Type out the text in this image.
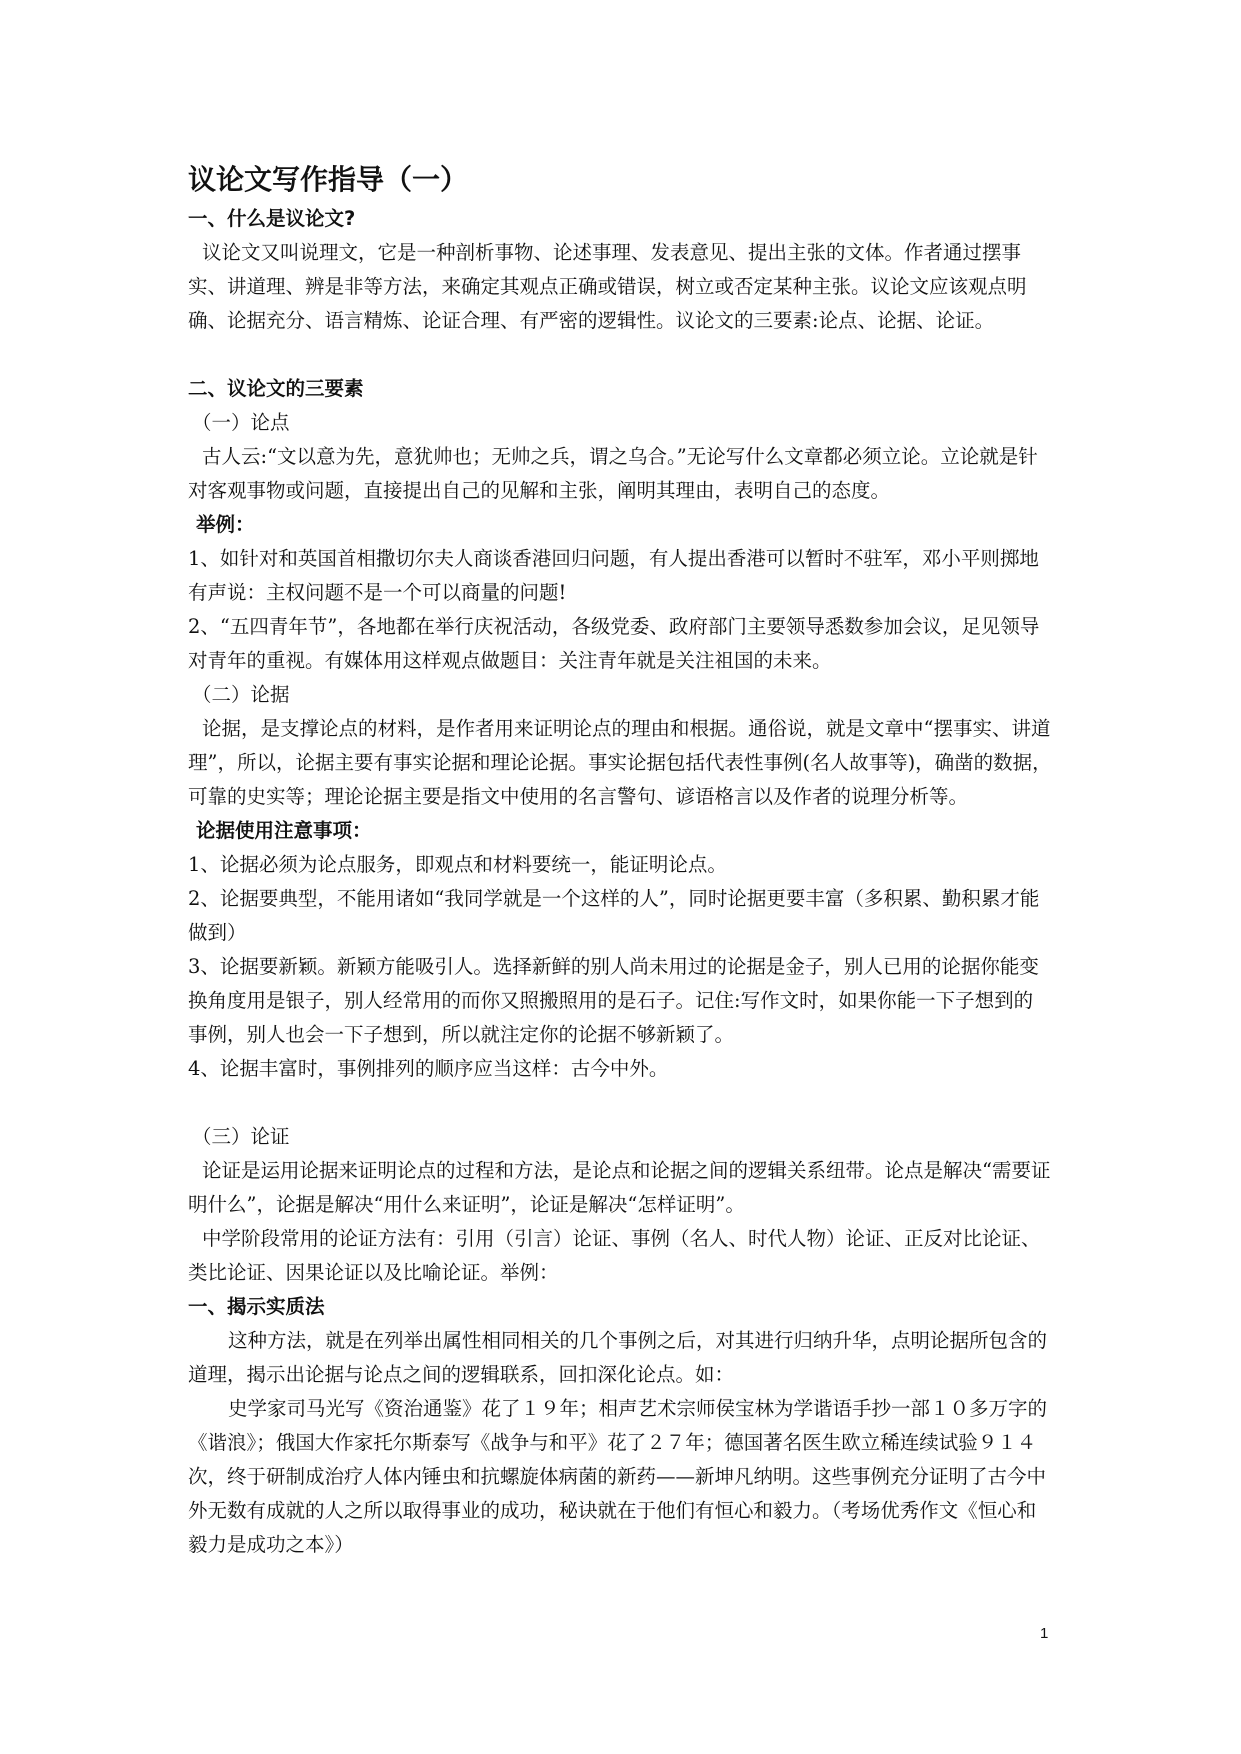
议论文写作指导（一）

一、什么是议论文?

议论文又叫说理文，它是一种剖析事物、论述事理、发表意见、提出主张的文体。作者通过摆事实、讲道理、辨是非等方法，来确定其观点正确或错误，树立或否定某种主张。议论文应该观点明确、论据充分、语言精炼、论证合理、有严密的逻辑性。议论文的三要素:论点、论据、论证。

二、议论文的三要素

（一）论点

古人云:“文以意为先，意犹帅也；无帅之兵，谓之乌合。”无论写什么文章都必须立论。立论就是针对客观事物或问题，直接提出自己的见解和主张，阐明其理由，表明自己的态度。

举例：

1、如针对和英国首相撒切尔夫人商谈香港回归问题，有人提出香港可以暂时不驻军，邓小平则掷地有声说：主权问题不是一个可以商量的问题!
2、“五四青年节”，各地都在举行庆祝活动，各级党委、政府部门主要领导悉数参加会议，足见领导对青年的重视。有媒体用这样观点做题目：关注青年就是关注祖国的未来。

（二）论据

论据，是支撑论点的材料，是作者用来证明论点的理由和根据。通俗说，就是文章中“摆事实、讲道理”，所以，论据主要有事实论据和理论论据。事实论据包括代表性事例(名人故事等)，确凿的数据，可靠的史实等；理论论据主要是指文中使用的名言警句、谚语格言以及作者的说理分析等。

论据使用注意事项：

1、论据必须为论点服务，即观点和材料要统一，能证明论点。
2、论据要典型，不能用诸如“我同学就是一个这样的人”，同时论据更要丰富（多积累、勤积累才能做到）
3、论据要新颖。新颖方能吸引人。选择新鲜的别人尚未用过的论据是金子，别人已用的论据你能变换角度用是银子，别人经常用的而你又照搬照用的是石子。记住:写作文时，如果你能一下子想到的事例，别人也会一下子想到，所以就注定你的论据不够新颖了。
4、论据丰富时，事例排列的顺序应当这样：古今中外。

（三）论证

论证是运用论据来证明论点的过程和方法，是论点和论据之间的逻辑关系纽带。论点是解决“需要证明什么”，论据是解决“用什么来证明”，论证是解决“怎样证明”。

中学阶段常用的论证方法有：引用（引言）论证、事例（名人、时代人物）论证、正反对比论证、类比论证、因果论证以及比喻论证。举例：

一、揭示实质法

这种方法，就是在列举出属性相同相关的几个事例之后，对其进行归纳升华，点明论据所包含的道理，揭示出论据与论点之间的逻辑联系，回扣深化论点。如：

史学家司马光写《资治通鉴》花了１９年；相声艺术宗师侯宝林为学谐语手抄一部１０多万字的《谐浪》；俄国大作家托尔斯泰写《战争与和平》花了２７年；德国著名医生欧立稀连续试验９１４次，终于研制成治疗人体内锤虫和抗螺旋体病菌的新药——新坤凡纳明。这些事例充分证明了古今中外无数有成就的人之所以取得事业的成功，秘诀就在于他们有恒心和毅力。（考场优秀作文《恒心和毅力是成功之本》）

1
